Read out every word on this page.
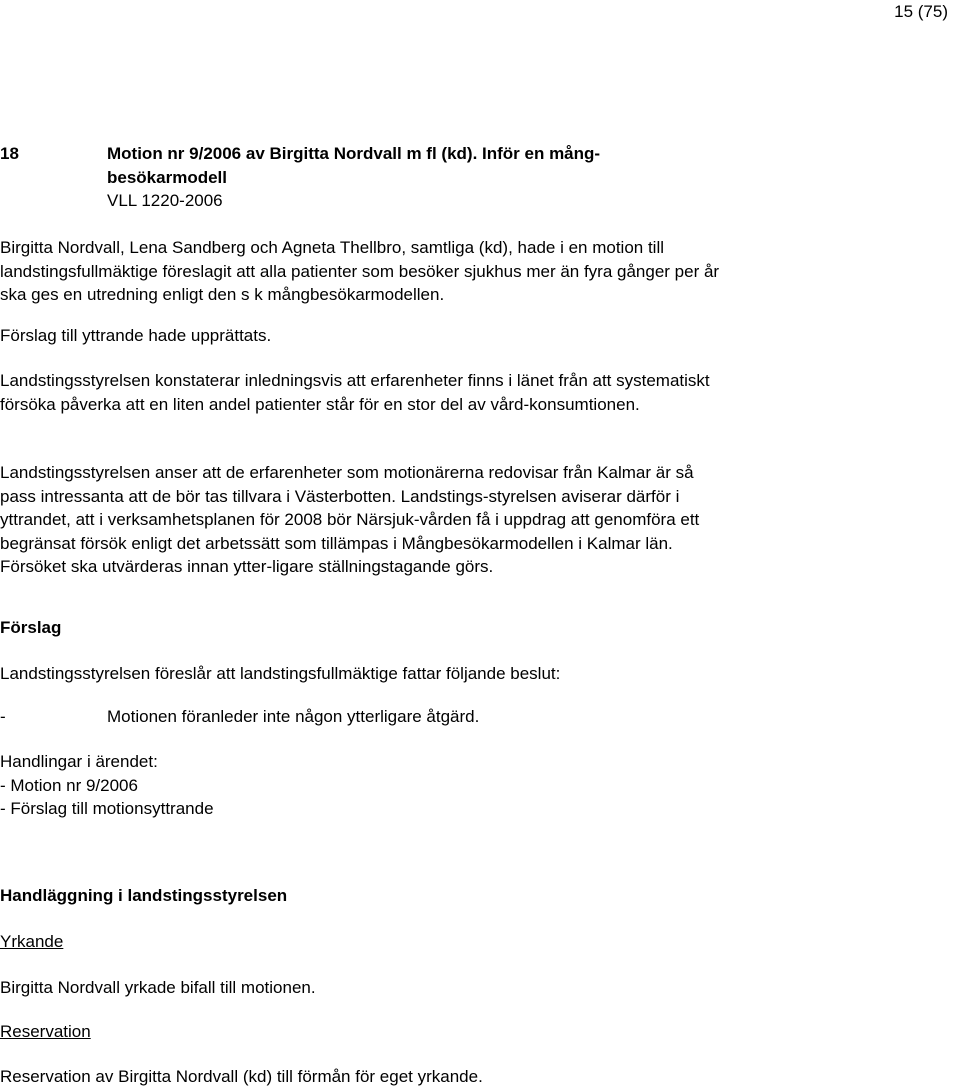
15 (75)
18	Motion nr 9/2006 av Birgitta Nordvall m fl (kd). Inför en mång-
besökarmodell
VLL 1220-2006

Birgitta Nordvall, Lena Sandberg och Agneta Thellbro, samtliga (kd), hade i en motion till landstingsfullmäktige föreslagit att alla patienter som besöker sjukhus mer än fyra gånger per år ska ges en utredning enligt den s k mångbesökarmodellen.

Förslag till yttrande hade upprättats.

Landstingsstyrelsen konstaterar inledningsvis att erfarenheter finns i länet från att systematiskt försöka påverka att en liten andel patienter står för en stor del av vård-konsumtionen.

Landstingsstyrelsen anser att de erfarenheter som motionärerna redovisar från Kalmar är så pass intressanta att de bör tas tillvara i Västerbotten. Landstings-styrelsen aviserar därför i yttrandet, att i verksamhetsplanen för 2008 bör Närsjuk-vården få i uppdrag att genomföra ett begränsat försök enligt det arbetssätt som tillämpas i Mångbesökarmodellen i Kalmar län. Försöket ska utvärderas innan ytter-ligare ställningstagande görs.

Förslag
Landstingsstyrelsen föreslår att landstingsfullmäktige fattar följande beslut:
-	Motionen föranleder inte någon ytterligare åtgärd.
Handlingar i ärendet:
- Motion nr 9/2006
- Förslag till motionsyttrande
Handläggning i landstingsstyrelsen
Yrkande
Birgitta Nordvall yrkade bifall till motionen.
Reservation
Reservation av Birgitta Nordvall (kd) till förmån för eget yrkande.
